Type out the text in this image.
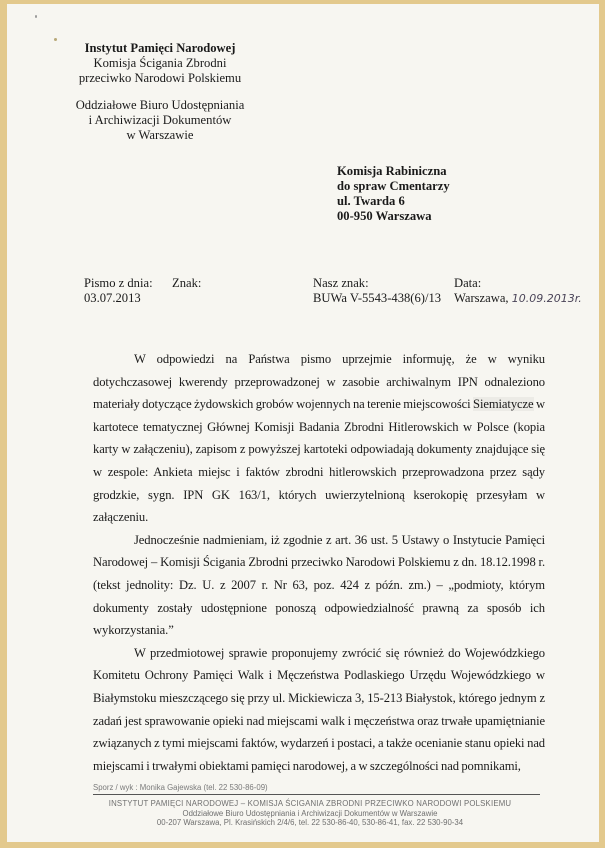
Instytut Pamięci Narodowej
Komisja Ścigania Zbrodni
przeciwko Narodowi Polskiemu
Oddziałowe Biuro Udostępniania
i Archiwizacji Dokumentów
w Warszawie
Komisja Rabiniczna
do spraw Cmentarzy
ul. Twarda 6
00-950 Warszawa
Pismo z dnia:
03.07.2013
Znak:	Nasz znak:
BUWa V-5543-438(6)/13
Data:
Warszawa, 10.09.2013r.

W odpowiedzi na Państwa pismo uprzejmie informuję, że w wyniku dotychczasowej kwerendy przeprowadzonej w zasobie archiwalnym IPN odnaleziono materiały dotyczące żydowskich grobów wojennych na terenie miejscowości Siemiatycze w kartotece tematycznej Głównej Komisji Badania Zbrodni Hitlerowskich w Polsce (kopia karty w załączeniu), zapisom z powyższej kartoteki odpowiadają dokumenty znajdujące się w zespole: Ankieta miejsc i faktów zbrodni hitlerowskich przeprowadzona przez sądy grodzkie, sygn. IPN GK 163/1, których uwierzytelnioną kserokopię przesyłam w załączeniu.

Jednocześnie nadmieniam, iż zgodnie z art. 36 ust. 5 Ustawy o Instytucie Pamięci Narodowej – Komisji Ścigania Zbrodni przeciwko Narodowi Polskiemu z dn. 18.12.1998 r. (tekst jednolity: Dz. U. z 2007 r. Nr 63, poz. 424 z późn. zm.) – „podmioty, którym dokumenty zostały udostępnione ponoszą odpowiedzialność prawną za sposób ich wykorzystania.”

W przedmiotowej sprawie proponujemy zwrócić się również do Wojewódzkiego Komitetu Ochrony Pamięci Walk i Męczeństwa Podlaskiego Urzędu Wojewódzkiego w Białymstoku mieszczącego się przy ul. Mickiewicza 3, 15-213 Białystok, którego jednym z zadań jest sprawowanie opieki nad miejscami walk i męczeństwa oraz trwałe upamiętnianie związanych z tymi miejscami faktów, wydarzeń i postaci, a także ocenianie stanu opieki nad miejscami i trwałymi obiektami pamięci narodowej, a w szczególności nad pomnikami,

Sporz / wyk : Monika Gajewska (tel. 22 530-86-09)
INSTYTUT PAMIĘCI NARODOWEJ – KOMISJA ŚCIGANIA ZBRODNI PRZECIWKO NARODOWI POLSKIEMU
Oddziałowe Biuro Udostępniania i Archiwizacji Dokumentów w Warszawie
00-207 Warszawa, Pl. Krasińskich 2/4/6, tel. 22 530-86-40, 530-86-41, fax. 22 530-90-34
